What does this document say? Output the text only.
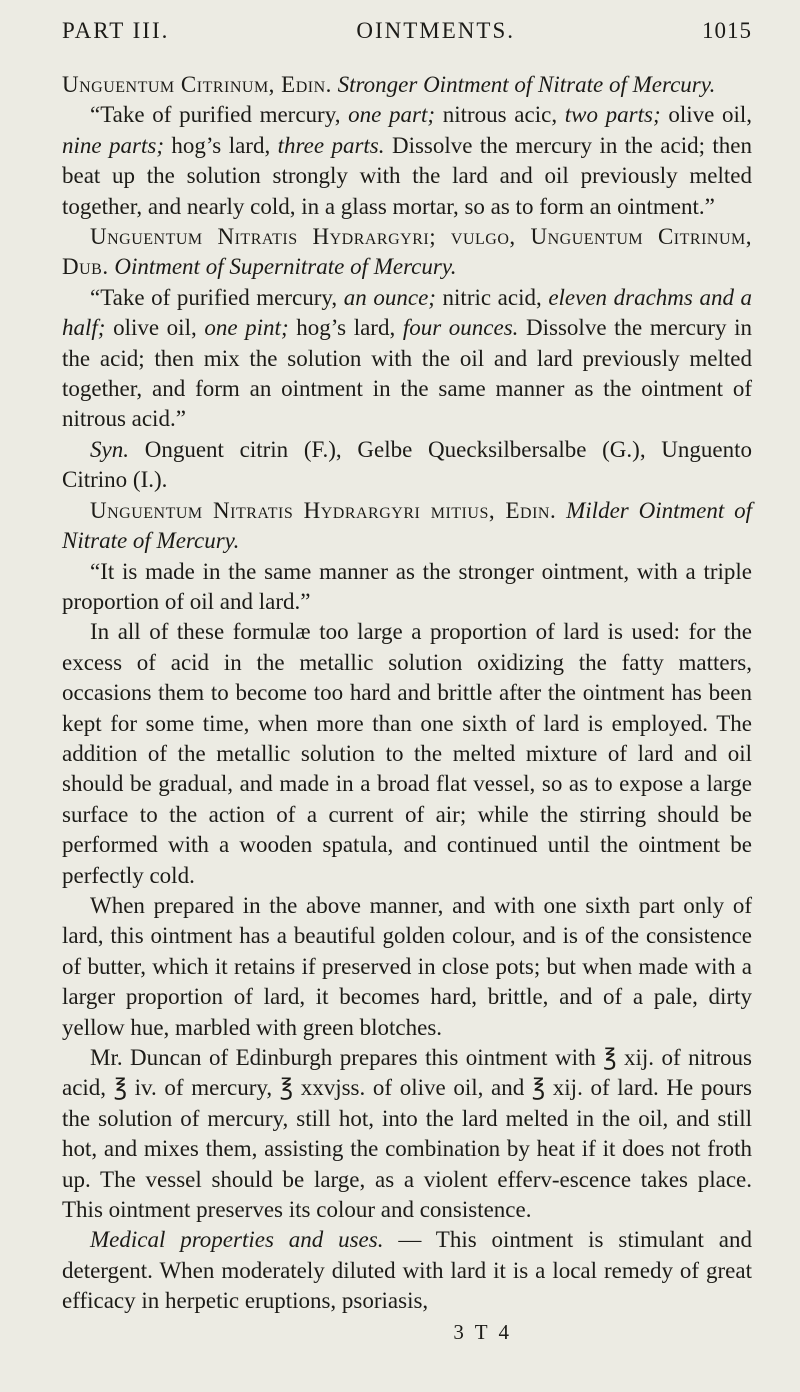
PART III.	OINTMENTS.	1015

Unguentum Citrinum, Edin. Stronger Ointment of Nitrate of Mercury.

“Take of purified mercury, one part; nitrous acic, two parts; olive oil, nine parts; hog’s lard, three parts. Dissolve the mercury in the acid; then beat up the solution strongly with the lard and oil previously melted together, and nearly cold, in a glass mortar, so as to form an ointment.”

Unguentum Nitratis Hydrargyri; vulgo, Unguentum Citrinum, Dub. Ointment of Supernitrate of Mercury.

“Take of purified mercury, an ounce; nitric acid, eleven drachms and a half; olive oil, one pint; hog’s lard, four ounces. Dissolve the mercury in the acid; then mix the solution with the oil and lard previously melted together, and form an ointment in the same manner as the ointment of nitrous acid.”

Syn. Onguent citrin (F.), Gelbe Quecksilbersalbe (G.), Unguento Citrino (I.).

Unguentum Nitratis Hydrargyri mitius, Edin. Milder Ointment of Nitrate of Mercury.

“It is made in the same manner as the stronger ointment, with a triple proportion of oil and lard.”

In all of these formulæ too large a proportion of lard is used: for the excess of acid in the metallic solution oxidizing the fatty matters, occasions them to become too hard and brittle after the ointment has been kept for some time, when more than one sixth of lard is employed. The addition of the metallic solution to the melted mixture of lard and oil should be gradual, and made in a broad flat vessel, so as to expose a large surface to the action of a current of air; while the stirring should be performed with a wooden spatula, and continued until the ointment be perfectly cold.

When prepared in the above manner, and with one sixth part only of lard, this ointment has a beautiful golden colour, and is of the consistence of butter, which it retains if preserved in close pots; but when made with a larger proportion of lard, it becomes hard, brittle, and of a pale, dirty yellow hue, marbled with green blotches.

Mr. Duncan of Edinburgh prepares this ointment with ℥ xij. of nitrous acid, ℥ iv. of mercury, ℥ xxvjss. of olive oil, and ℥ xij. of lard. He pours the solution of mercury, still hot, into the lard melted in the oil, and still hot, and mixes them, assisting the combination by heat if it does not froth up. The vessel should be large, as a violent efferv-escence takes place. This ointment preserves its colour and consistence.

Medical properties and uses. — This ointment is stimulant and detergent. When moderately diluted with lard it is a local remedy of great efficacy in herpetic eruptions, psoriasis,

3 T 4
